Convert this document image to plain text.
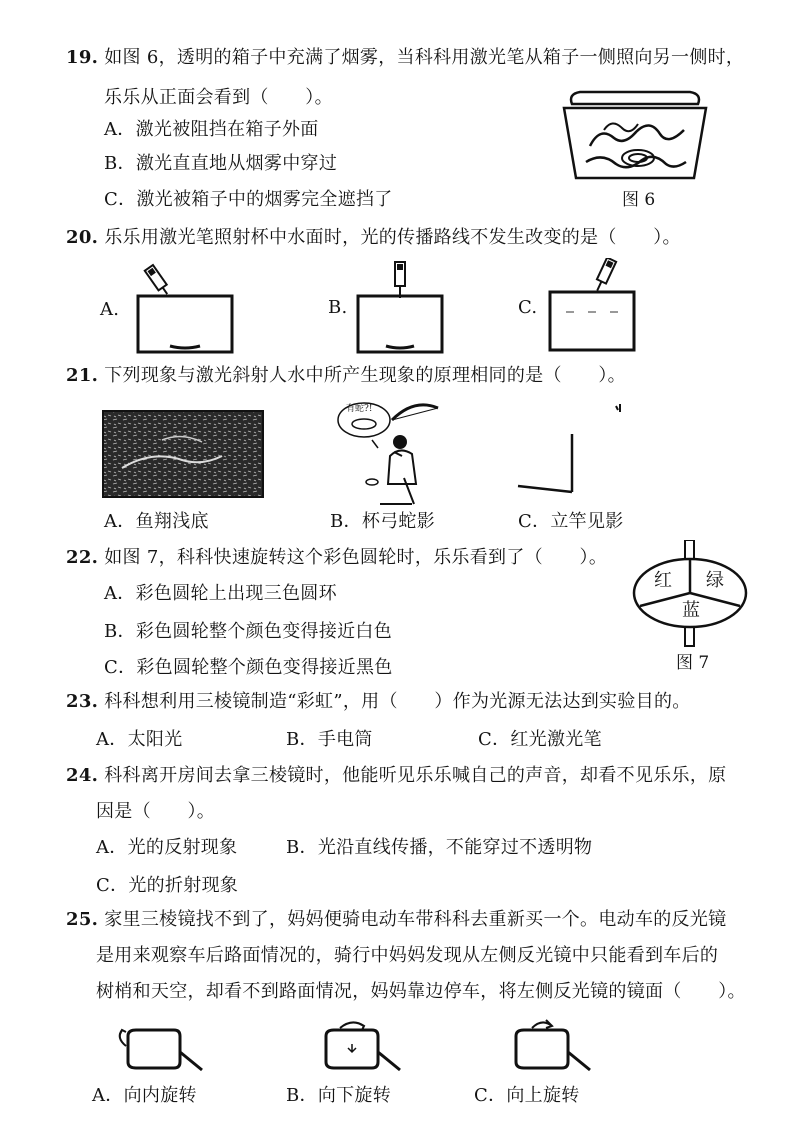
19. 如图 6，透明的箱子中充满了烟雾，当科科用激光笔从箱子一侧照向另一侧时，
乐乐从正面会看到（　　）。
A．激光被阻挡在箱子外面
B．激光直直地从烟雾中穿过
C．激光被箱子中的烟雾完全遮挡了	图 6
20. 乐乐用激光笔照射杯中水面时，光的传播路线不发生改变的是（　　）。
A.	B.	C.
21. 下列现象与激光斜射人水中所产生现象的原理相同的是（　　）。
A．鱼翔浅底
有蛇?!
B．杯弓蛇影	C．立竿见影
22. 如图 7，科科快速旋转这个彩色圆轮时，乐乐看到了（　　）。
A．彩色圆轮上出现三色圆环
B．彩色圆轮整个颜色变得接近白色
C．彩色圆轮整个颜色变得接近黑色
红 绿
蓝
图 7
23. 科科想利用三棱镜制造“彩虹”，用（　　）作为光源无法达到实验目的。
A．太阳光	B．手电筒	C．红光激光笔
24. 科科离开房间去拿三棱镜时，他能听见乐乐喊自己的声音，却看不见乐乐，原
因是（　　）。
A．光的反射现象	B．光沿直线传播，不能穿过不透明物
C．光的折射现象
25. 家里三棱镜找不到了，妈妈便骑电动车带科科去重新买一个。电动车的反光镜
是用来观察车后路面情况的，骑行中妈妈发现从左侧反光镜中只能看到车后的
树梢和天空，却看不到路面情况，妈妈靠边停车，将左侧反光镜的镜面（　　）。
A．向内旋转	B．向下旋转	C．向上旋转
